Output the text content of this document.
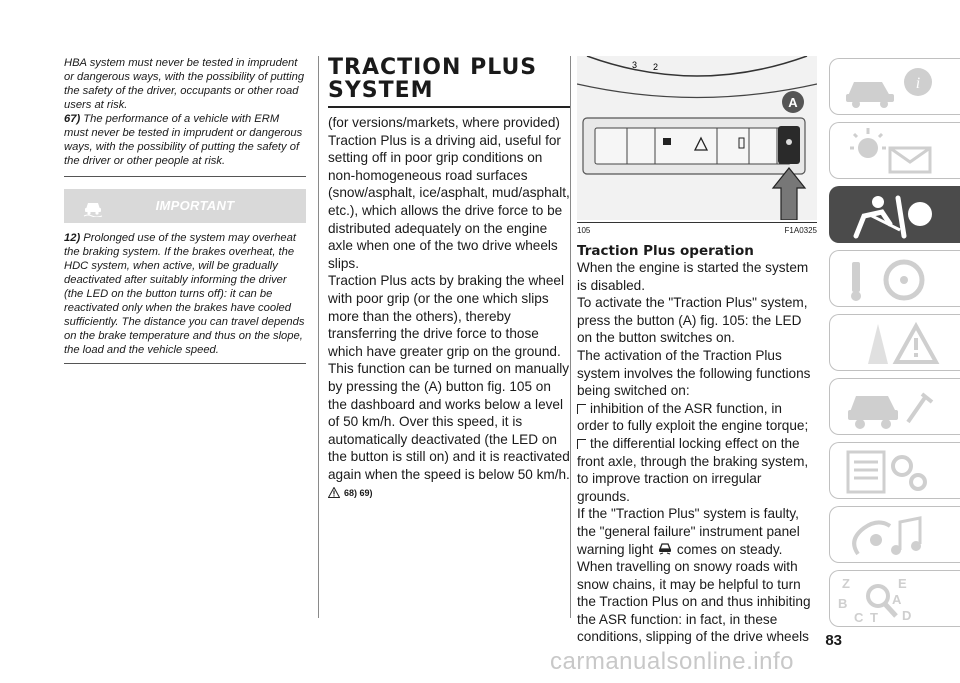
HBA system must never be tested in imprudent or dangerous ways, with the possibility of putting the safety of the driver, occupants or other road users at risk.

67) The performance of a vehicle with ERM must never be tested in imprudent or dangerous ways, with the possibility of putting the safety of the driver or other people at risk.

IMPORTANT

12) Prolonged use of the system may overheat the braking system. If the brakes overheat, the HDC system, when active, will be gradually deactivated after suitably informing the driver (the LED on the button turns off): it can be reactivated only when the brakes have cooled sufficiently. The distance you can travel depends on the brake temperature and thus on the slope, the load and the vehicle speed.

TRACTION PLUS
SYSTEM

(for versions/markets, where provided)

Traction Plus is a driving aid, useful for setting off in poor grip conditions on non-homogeneous road surfaces (snow/asphalt, ice/asphalt, mud/asphalt, etc.), which allows the drive force to be distributed adequately on the engine axle when one of the two drive wheels slips.

Traction Plus acts by braking the wheel with poor grip (or the one which slips more than the others), thereby transferring the drive force to those which have greater grip on the ground.

This function can be turned on manually by pressing the (A) button fig. 105 on the dashboard and works below a level of 50 km/h. Over this speed, it is automatically deactivated (the LED on the button is still on) and it is reactivated again when the speed is below 50 km/h.

68) 69)
3 2
A
105	F1A0325
Traction Plus operation

When the engine is started the system is disabled.

To activate the "Traction Plus" system, press the button (A) fig. 105: the LED on the button switches on.

The activation of the Traction Plus system involves the following functions being switched on:

inhibition of the ASR function, in order to fully exploit the engine torque;

the differential locking effect on the front axle, through the braking system, to improve traction on irregular grounds.

If the "Traction Plus" system is faulty, the "general failure" instrument panel warning light comes on steady.

When travelling on snowy roads with snow chains, it may be helpful to turn the Traction Plus on and thus inhibiting the ASR function: in fact, in these conditions, slipping of the drive wheels

i
Z	E
B	A
C T D
83
carmanualsonline.info
